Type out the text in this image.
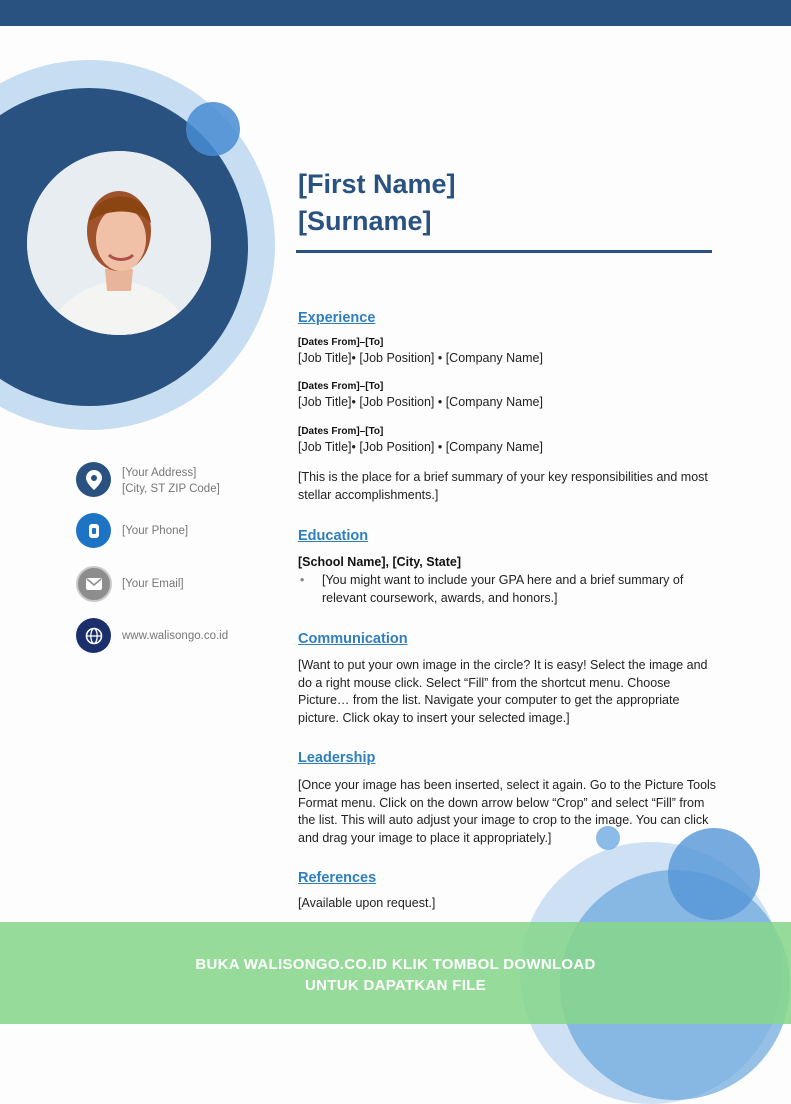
[First Name]
[Surname]
Experience
[Dates From]–[To]
[Job Title]• [Job Position] • [Company Name]
[Dates From]–[To]
[Job Title]• [Job Position] • [Company Name]
[Dates From]–[To]
[Job Title]• [Job Position] • [Company Name]

[This is the place for a brief summary of your key responsibilities and most stellar accomplishments.]

Education
[School Name], [City, State]
• [You might want to include your GPA here and a brief summary of relevant coursework, awards, and honors.]
Communication

[Want to put your own image in the circle? It is easy! Select the image and do a right mouse click. Select “Fill” from the shortcut menu. Choose Picture… from the list. Navigate your computer to get the appropriate picture. Click okay to insert your selected image.]

Leadership

[Once your image has been inserted, select it again. Go to the Picture Tools Format menu. Click on the down arrow below “Crop” and select “Fill” from the list. This will auto adjust your image to crop to the image. You can click and drag your image to place it appropriately.]

References
[Available upon request.]
[Your Address]
[City, ST ZIP Code]
[Your Phone]
[Your Email]
www.walisongo.co.id
BUKA WALISONGO.CO.ID KLIK TOMBOL DOWNLOAD
UNTUK DAPATKAN FILE
